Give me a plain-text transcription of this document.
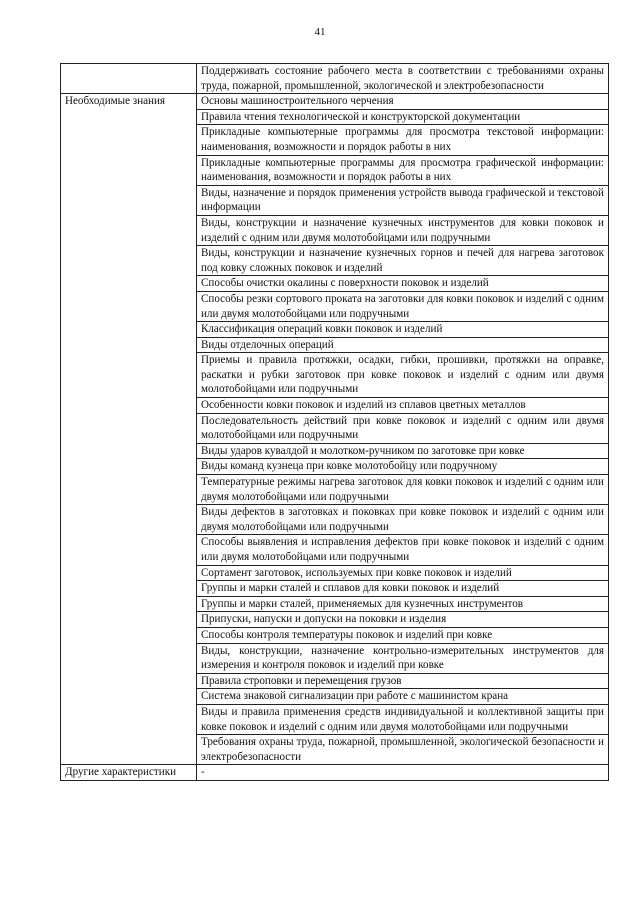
41

	Поддерживать состояние рабочего места в соответствии с требованиями охраны труда, пожарной, промышленной, экологической и электробезопасности

Необходимые знания	Основы машиностроительного черчения

	Правила чтения технологической и конструкторской документации

	Прикладные компьютерные программы для просмотра текстовой информации: наименования, возможности и порядок работы в них

	Прикладные компьютерные программы для просмотра графической информации: наименования, возможности и порядок работы в них

	Виды, назначение и порядок применения устройств вывода графической и текстовой информации

	Виды, конструкции и назначение кузнечных инструментов для ковки поковок и изделий с одним или двумя молотобойцами или подручными

	Виды, конструкции и назначение кузнечных горнов и печей для нагрева заготовок под ковку сложных поковок и изделий

	Способы очистки окалины с поверхности поковок и изделий

	Способы резки сортового проката на заготовки для ковки поковок и изделий с одним или двумя молотобойцами или подручными

	Классификация операций ковки поковок и изделий

	Виды отделочных операций

	Приемы и правила протяжки, осадки, гибки, прошивки, протяжки на оправке, раскатки и рубки заготовок при ковке поковок и изделий с одним или двумя молотобойцами или подручными

	Особенности ковки поковок и изделий из сплавов цветных металлов

	Последовательность действий при ковке поковок и изделий с одним или двумя молотобойцами или подручными

	Виды ударов кувалдой и молотком-ручником по заготовке при ковке

	Виды команд кузнеца при ковке молотобойцу или подручному

	Температурные режимы нагрева заготовок для ковки поковок и изделий с одним или двумя молотобойцами или подручными

	Виды дефектов в заготовках и поковках при ковке поковок и изделий с одним или двумя молотобойцами или подручными

	Способы выявления и исправления дефектов при ковке поковок и изделий с одним или двумя молотобойцами или подручными

	Сортамент заготовок, используемых при ковке поковок и изделий

	Группы и марки сталей и сплавов для ковки поковок и изделий

	Группы и марки сталей, применяемых для кузнечных инструментов

	Припуски, напуски и допуски на поковки и изделия

	Способы контроля температуры поковок и изделий при ковке

	Виды, конструкции, назначение контрольно-измерительных инструментов для измерения и контроля поковок и изделий при ковке

	Правила строповки и перемещения грузов

	Система знаковой сигнализации при работе с машинистом крана

	Виды и правила применения средств индивидуальной и коллективной защиты при ковке поковок и изделий с одним или двумя молотобойцами или подручными

	Требования охраны труда, пожарной, промышленной, экологической безопасности и электробезопасности

Другие характеристики	-
